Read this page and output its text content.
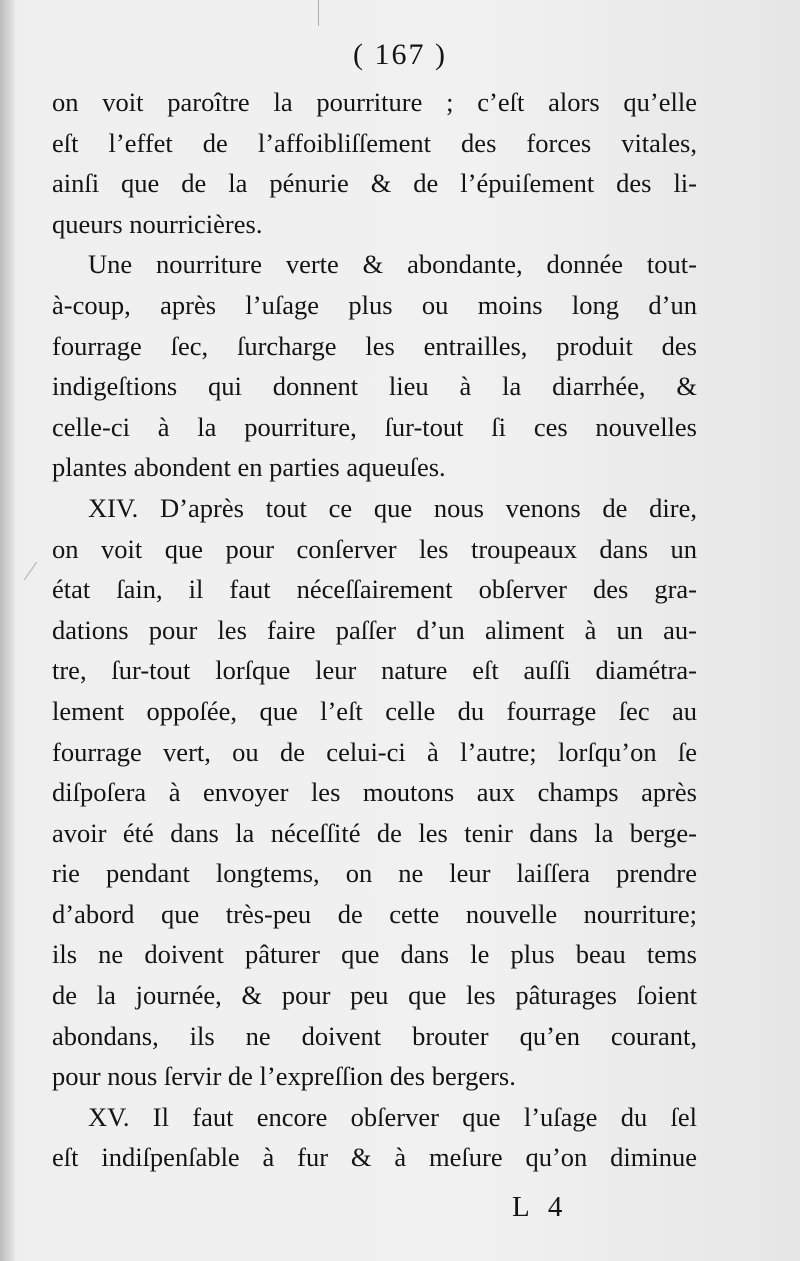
( 167 )
on voit paroître la pourriture ; c’eſt alors qu’elle
eſt l’effet de l’affoibliſſement des forces vitales,
ainſi que de la pénurie & de l’épuiſement des li-
queurs nourricières.
Une nourriture verte & abondante, donnée tout-
à-coup, après l’uſage plus ou moins long d’un
fourrage ſec, ſurcharge les entrailles, produit des
indigeſtions qui donnent lieu à la diarrhée, &
celle-ci à la pourriture, ſur-tout ſi ces nouvelles
plantes abondent en parties aqueuſes.
XIV. D’après tout ce que nous venons de dire,
on voit que pour conſerver les troupeaux dans un
état ſain, il faut néceſſairement obſerver des gra-
dations pour les faire paſſer d’un aliment à un au-
tre, ſur-tout lorſque leur nature eſt auſſi diamétra-
lement oppoſée, que l’eſt celle du fourrage ſec au
fourrage vert, ou de celui-ci à l’autre; lorſqu’on ſe
diſpoſera à envoyer les moutons aux champs après
avoir été dans la néceſſité de les tenir dans la berge-
rie pendant longtems, on ne leur laiſſera prendre
d’abord que très-peu de cette nouvelle nourriture;
ils ne doivent pâturer que dans le plus beau tems
de la journée, & pour peu que les pâturages ſoient
abondans, ils ne doivent brouter qu’en courant,
pour nous ſervir de l’expreſſion des bergers.
XV. Il faut encore obſerver que l’uſage du ſel
eſt indiſpenſable à fur & à meſure qu’on diminue
L 4
